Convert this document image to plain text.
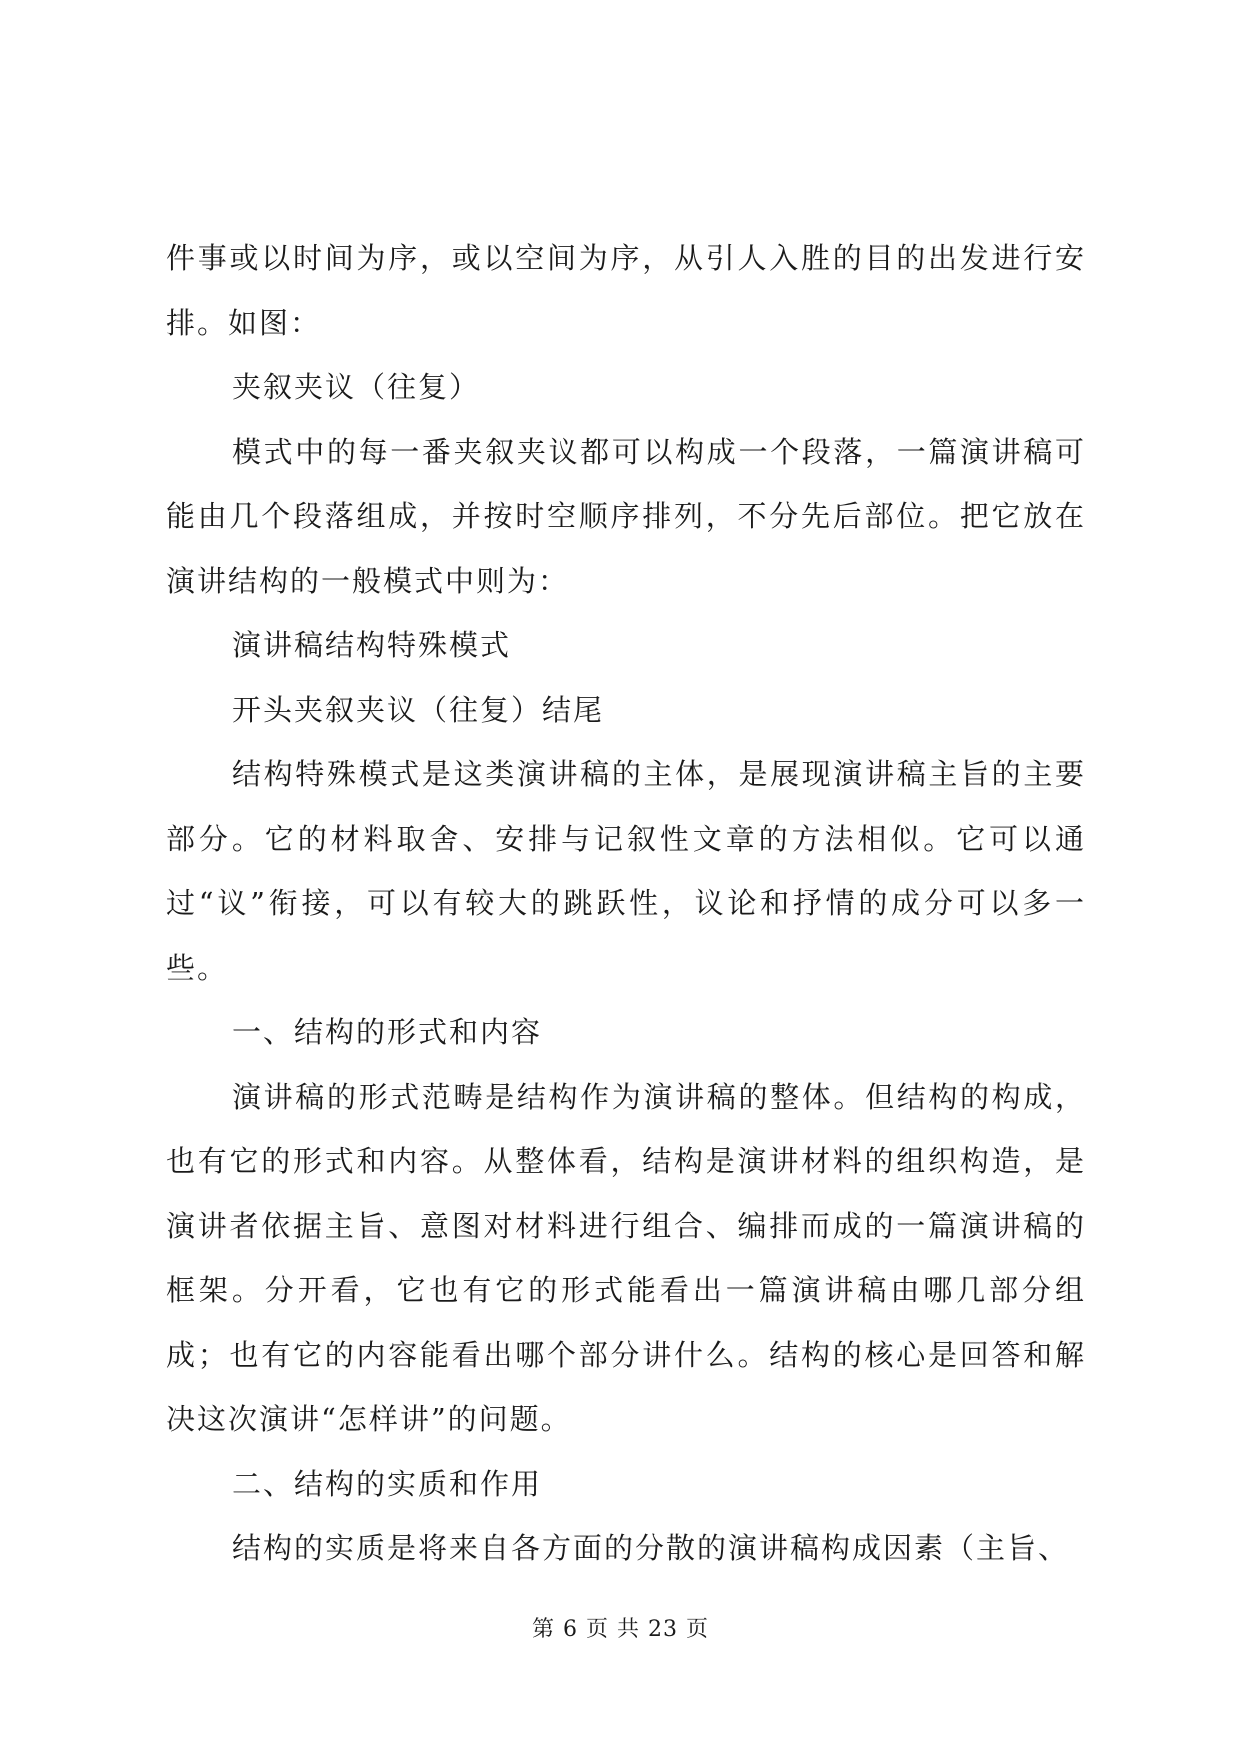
件事或以时间为序，或以空间为序，从引人入胜的目的出发进行安排。如图：

夹叙夹议（往复）

模式中的每一番夹叙夹议都可以构成一个段落，一篇演讲稿可能由几个段落组成，并按时空顺序排列，不分先后部位。把它放在演讲结构的一般模式中则为：

演讲稿结构特殊模式

开头夹叙夹议（往复）结尾

结构特殊模式是这类演讲稿的主体，是展现演讲稿主旨的主要部分。它的材料取舍、安排与记叙性文章的方法相似。它可以通过“议”衔接，可以有较大的跳跃性，议论和抒情的成分可以多一些。

一、结构的形式和内容

演讲稿的形式范畴是结构作为演讲稿的整体。但结构的构成，也有它的形式和内容。从整体看，结构是演讲材料的组织构造，是演讲者依据主旨、意图对材料进行组合、编排而成的一篇演讲稿的框架。分开看，它也有它的形式能看出一篇演讲稿由哪几部分组成；也有它的内容能看出哪个部分讲什么。结构的核心是回答和解决这次演讲“怎样讲”的问题。

二、结构的实质和作用

结构的实质是将来自各方面的分散的演讲稿构成因素（主旨、

第 6 页 共 23 页
